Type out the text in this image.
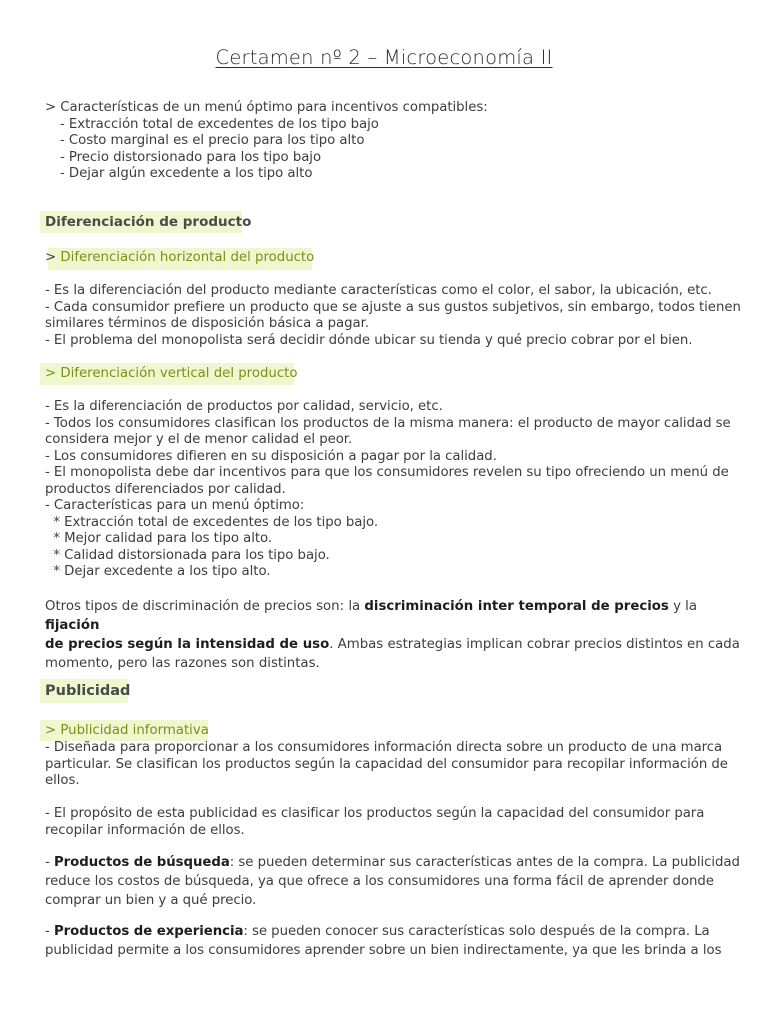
Certamen nº 2 – Microeconomía II
> Características de un menú óptimo para incentivos compatibles:
- Extracción total de excedentes de los tipo bajo
- Costo marginal es el precio para los tipo alto
- Precio distorsionado para los tipo bajo
- Dejar algún excedente a los tipo alto
Diferenciación de producto
> Diferenciación horizontal del producto
- Es la diferenciación del producto mediante características como el color, el sabor, la ubicación, etc.
- Cada consumidor prefiere un producto que se ajuste a sus gustos subjetivos, sin embargo, todos tienen
similares términos de disposición básica a pagar.
- El problema del monopolista será decidir dónde ubicar su tienda y qué precio cobrar por el bien.
> Diferenciación vertical del producto
- Es la diferenciación de productos por calidad, servicio, etc.
- Todos los consumidores clasifican los productos de la misma manera: el producto de mayor calidad se
considera mejor y el de menor calidad el peor.
- Los consumidores difieren en su disposición a pagar por la calidad.
- El monopolista debe dar incentivos para que los consumidores revelen su tipo ofreciendo un menú de
productos diferenciados por calidad.
- Características para un menú óptimo:
* Extracción total de excedentes de los tipo bajo.
* Mejor calidad para los tipo alto.
* Calidad distorsionada para los tipo bajo.
* Dejar excedente a los tipo alto.
Otros tipos de discriminación de precios son: la discriminación inter temporal de precios y la fijación
de precios según la intensidad de uso. Ambas estrategias implican cobrar precios distintos en cada
momento, pero las razones son distintas.
Publicidad
> Publicidad informativa
- Diseñada para proporcionar a los consumidores información directa sobre un producto de una marca
particular. Se clasifican los productos según la capacidad del consumidor para recopilar información de
ellos.
- El propósito de esta publicidad es clasificar los productos según la capacidad del consumidor para
recopilar información de ellos.
- Productos de búsqueda: se pueden determinar sus características antes de la compra. La publicidad
reduce los costos de búsqueda, ya que ofrece a los consumidores una forma fácil de aprender donde
comprar un bien y a qué precio.
- Productos de experiencia: se pueden conocer sus características solo después de la compra. La
publicidad permite a los consumidores aprender sobre un bien indirectamente, ya que les brinda a los
